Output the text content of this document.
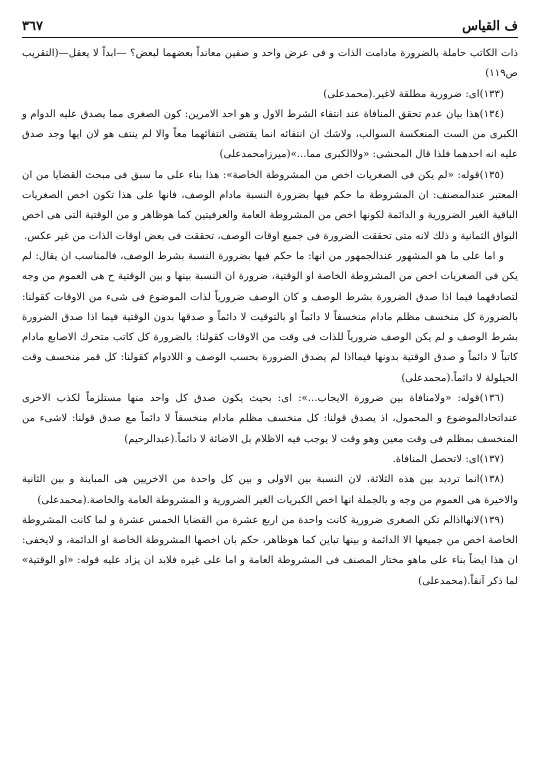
ف القياس
٣٦٧

ذات الكاتب حاملة بالضرورة مادامت الذات و فى عرض واحد و صفين معانداً بعضهما لبعض؟ —ابداً لا يعقل—(التقريب ص١١٩)

(١٣٣)اى: ضرورية مطلقة لاغير.(محمدعلى)

(١٣٤)هذا بيان عدم تحقق المنافاة عند انتفاء الشرط الاول و هو احد الامرين: كون الصغرى مما يصدق عليه الدوام و الكبرى من الست المنعكسة السوالب، ولاشك ان انتفائه انما يقتضى انتفائهما معاً والا لم ينتف هو لان ايها وجد صدق عليه انه احدهما فلذا قال المحشى: «ولاالكبرى مما...»(ميرزامحمدعلى)

(١٣٥)قوله: «لم يكن فى الصغريات اخص من المشروطة الخاصة»: هذا بناء على ما سبق فى مبحث القضايا من ان المعتبر عندالمصنف: ان المشروطة ما حكم فيها بضرورة النسبة مادام الوصف، فانها على هذا تكون اخص الصغريات الباقية الغير الضرورية و الدائمة لكونها اخص من المشروطة العامة والعرفيتين كما هوظاهر و من الوقتية التى هى اخص البواق الثمانية و ذلك لانه متى تحققت الضرورة فى جميع اوقات الوصف، تحققت فى بعض اوقات الذات من غير عكس.

و اما على ما هو المشهور عندالجمهور من انها: ما حكم فيها بضرورة النسبة بشرط الوصف، فالمناسب ان يقال: لم يكن فى الصغريات اخص من المشروطة الخاصة او الوقتية، ضرورة ان النسبة بينها و بين الوقتية ح هى العموم من وجه لتصادقهما فيما اذا صدق الضرورة بشرط الوصف و كان الوصف ضرورياً لذات الموضوع فى شىء من الاوقات كقولنا: بالضرورة كل منخسف مظلم مادام منخسفاً لا دائماً او بالتوقيت لا دائماً و صدقها بدون الوقتية فيما اذا صدق الضرورة بشرط الوصف و لم يكن الوصف ضرورياً للذات فى وقت من الاوقات كقولنا: بالضرورة كل كاتب متحرك الاصابع مادام كاتباً لا دائماً و صدق الوقتية بدونها فيمااذا لم يصدق الضرورة بحسب الوصف و اللادوام كقولنا: كل قمر منخسف وقت الحيلولة لا دائماً.(محمدعلى)

(١٣٦)قوله: «ولامنافاة بين ضرورة الايجاب...»: اى: بحيث يكون صدق كل واحد منها مستلزماً لكذب الاخرى عنداتحادالموضوع و المحمول، اذ يصدق قولنا: كل منخسف مظلم مادام منخسفاً لا دائماً مع صدق قولنا: لاشىء من المنخسف بمظلم فى وقت معين وهو وقت لا يوجب فيه الاظلام بل الاضائة لا دائماً.(عبدالرحيم)

(١٣٧)اى: لاتحصل المنافاة.

(١٣٨)انما ترديد بين هذه الثلاثة، لان النسبة بين الاولى و بين كل واحدة من الاخريين هى المباينة و بين الثانية والاخيرة هى العموم من وجه و بالجملة انها اخص الكبريات الغير الضرورية و المشروطة العامة والخاصة.(محمدعلى)

(١٣٩)لانهااذالم تكن الصغرى ضرورية كانت واحدة من اربع عشرة من القضايا الخمس عشرة و لما كانت المشروطة الخاصة اخص من جميعها الا الدائمة و بينها تباين كما هوظاهر، حكم بان اخصها المشروطة الخاصة او الدائمة، و لايخفى: ان هذا ايضاً بناء على ماهو مختار المصنف فى المشروطة العامة و اما على غيره فلابد ان يزاد عليه قوله: «او الوقتية» لما ذكر آنفاً.(محمدعلى)
